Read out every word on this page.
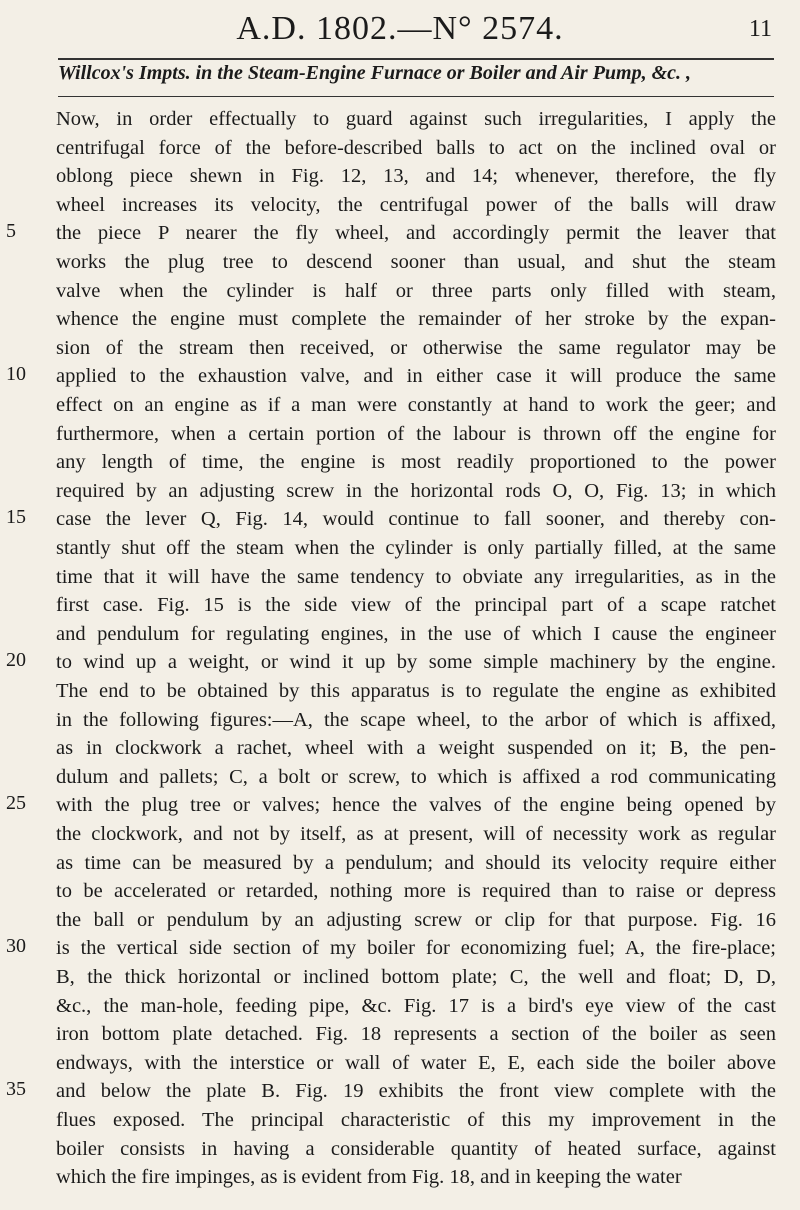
A.D. 1802.—N° 2574.	11
Willcox's Impts. in the Steam-Engine Furnace or Boiler and Air Pump, &c. ,
Now, in order effectually to guard against such irregularities, I apply the
centrifugal force of the before-described balls to act on the inclined oval or
oblong piece shewn in Fig. 12, 13, and 14; whenever, therefore, the fly
wheel increases its velocity, the centrifugal power of the balls will draw
the piece P nearer the fly wheel, and accordingly permit the leaver that
works the plug tree to descend sooner than usual, and shut the steam
valve when the cylinder is half or three parts only filled with steam,
whence the engine must complete the remainder of her stroke by the expan-
sion of the stream then received, or otherwise the same regulator may be
applied to the exhaustion valve, and in either case it will produce the same
effect on an engine as if a man were constantly at hand to work the geer; and
furthermore, when a certain portion of the labour is thrown off the engine for
any length of time, the engine is most readily proportioned to the power
required by an adjusting screw in the horizontal rods O, O, Fig. 13; in which
case the lever Q, Fig. 14, would continue to fall sooner, and thereby con-
stantly shut off the steam when the cylinder is only partially filled, at the same
time that it will have the same tendency to obviate any irregularities, as in the
first case. Fig. 15 is the side view of the principal part of a scape ratchet
and pendulum for regulating engines, in the use of which I cause the engineer
to wind up a weight, or wind it up by some simple machinery by the engine.
The end to be obtained by this apparatus is to regulate the engine as exhibited
in the following figures:—A, the scape wheel, to the arbor of which is affixed,
as in clockwork a rachet, wheel with a weight suspended on it; B, the pen-
dulum and pallets; C, a bolt or screw, to which is affixed a rod communicating
with the plug tree or valves; hence the valves of the engine being opened by
the clockwork, and not by itself, as at present, will of necessity work as regular
as time can be measured by a pendulum; and should its velocity require either
to be accelerated or retarded, nothing more is required than to raise or depress
the ball or pendulum by an adjusting screw or clip for that purpose. Fig. 16
is the vertical side section of my boiler for economizing fuel; A, the fire-place;
B, the thick horizontal or inclined bottom plate; C, the well and float; D, D,
&c., the man-hole, feeding pipe, &c. Fig. 17 is a bird's eye view of the cast
iron bottom plate detached. Fig. 18 represents a section of the boiler as seen
endways, with the interstice or wall of water E, E, each side the boiler above
and below the plate B. Fig. 19 exhibits the front view complete with the
flues exposed. The principal characteristic of this my improvement in the
boiler consists in having a considerable quantity of heated surface, against
which the fire impinges, as is evident from Fig. 18, and in keeping the water
5
10
15
20
25
30
35
